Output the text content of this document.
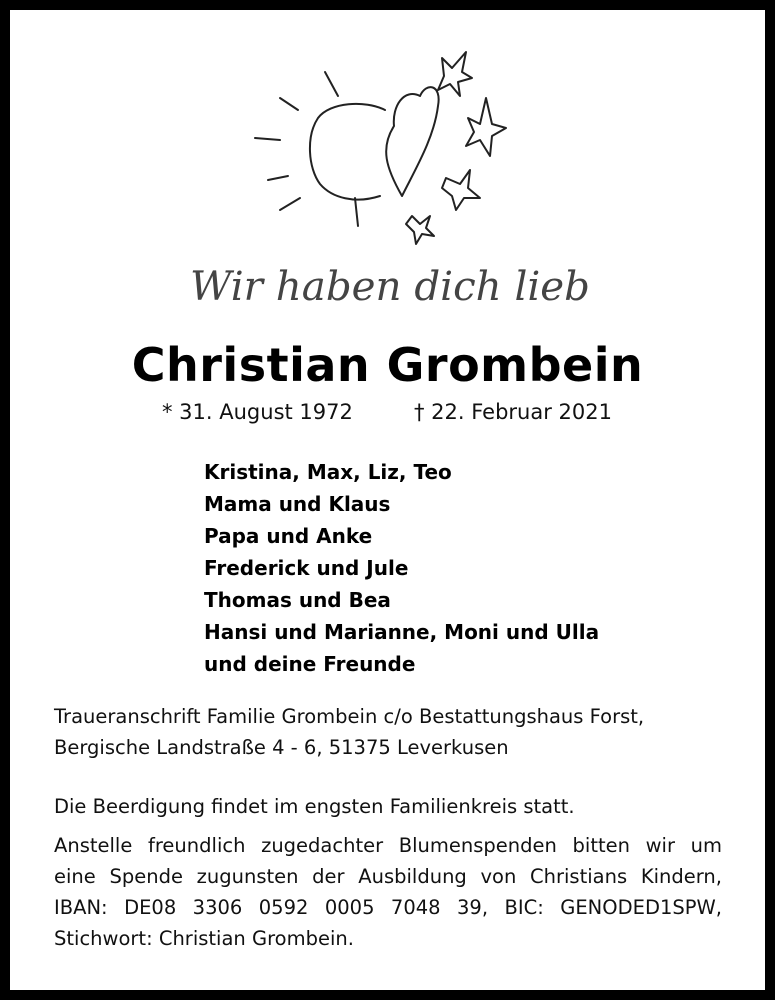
Wir haben dich lieb
Christian Grombein
* 31. August 1972	† 22. Februar 2021
Kristina, Max, Liz, Teo
Mama und Klaus
Papa und Anke
Frederick und Jule
Thomas und Bea
Hansi und Marianne, Moni und Ulla
und deine Freunde

Traueranschrift Familie Grombein c/o Bestattungshaus Forst,
Bergische Landstraße 4 - 6, 51375 Leverkusen

Die Beerdigung findet im engsten Familienkreis statt.

Anstelle freundlich zugedachter Blumenspenden bitten wir um
eine Spende zugunsten der Ausbildung von Christians Kindern,
IBAN: DE08 3306 0592 0005 7048 39, BIC: GENODED1SPW,
Stichwort: Christian Grombein.
